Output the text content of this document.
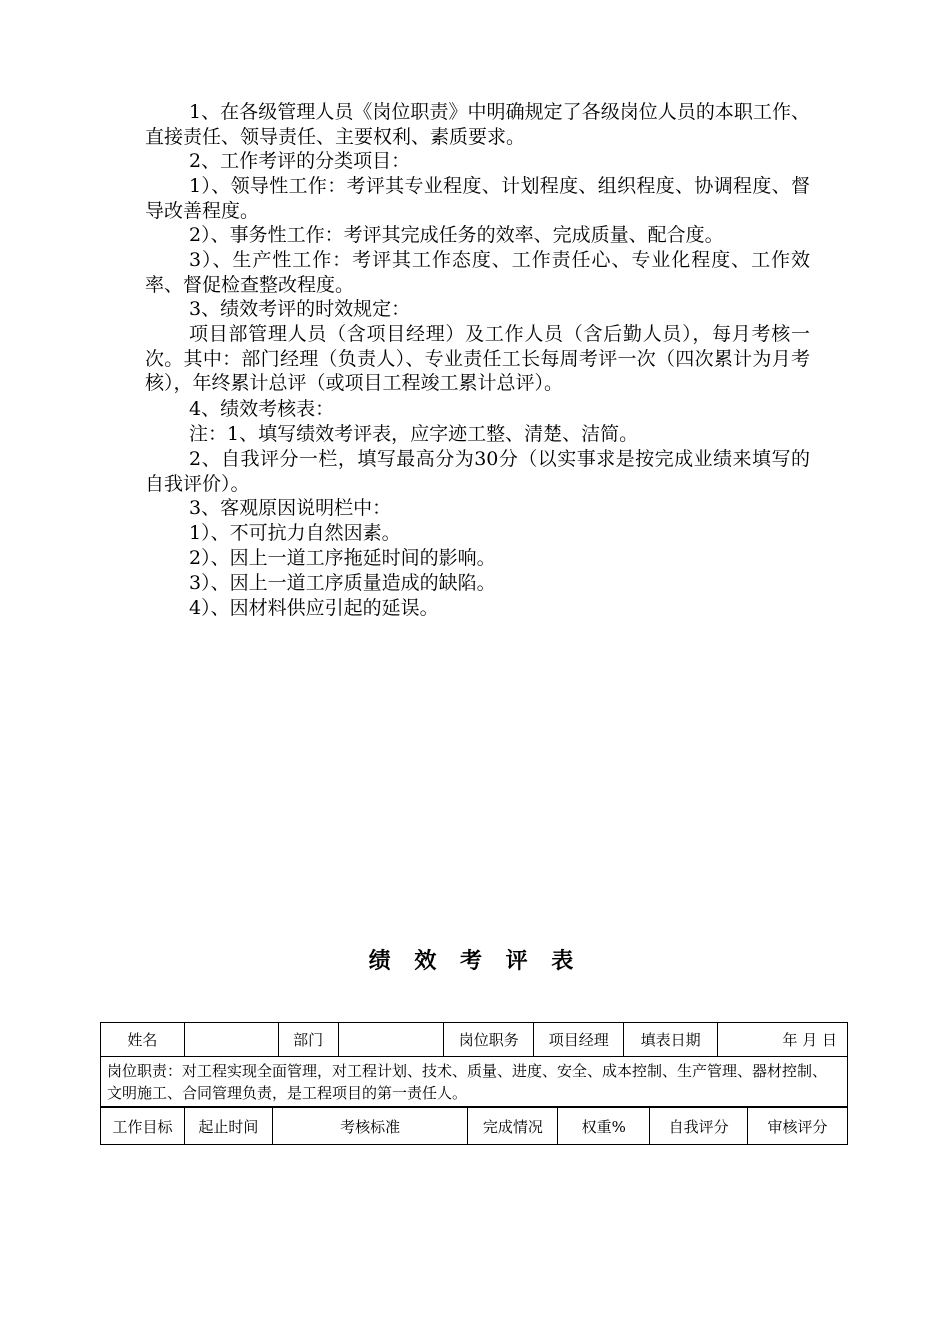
1、在各级管理人员《岗位职责》中明确规定了各级岗位人员的本职工作、直接责任、领导责任、主要权利、素质要求。

2、工作考评的分类项目：

1）、领导性工作：考评其专业程度、计划程度、组织程度、协调程度、督导改善程度。

2）、事务性工作：考评其完成任务的效率、完成质量、配合度。

3）、生产性工作：考评其工作态度、工作责任心、专业化程度、工作效率、督促检查整改程度。

3、绩效考评的时效规定：

项目部管理人员（含项目经理）及工作人员（含后勤人员），每月考核一次。其中：部门经理（负责人）、专业责任工长每周考评一次（四次累计为月考核），年终累计总评（或项目工程竣工累计总评）。

4、绩效考核表：

注：1、填写绩效考评表，应字迹工整、清楚、洁简。

2、自我评分一栏，填写最高分为30分（以实事求是按完成业绩来填写的自我评价）。

3、客观原因说明栏中：

1）、不可抗力自然因素。

2）、因上一道工序拖延时间的影响。

3）、因上一道工序质量造成的缺陷。

4）、因材料供应引起的延误。

绩 效 考 评 表
姓名		部门		岗位职务	项目经理	填表日期	年 月 日
岗位职责：对工程实现全面管理，对工程计划、技术、质量、进度、安全、成本控制、生产管理、器材控制、文明施工、合同管理负责，是工程项目的第一责任人。
工作目标	起止时间	考核标准	完成情况	权重%	自我评分	审核评分
